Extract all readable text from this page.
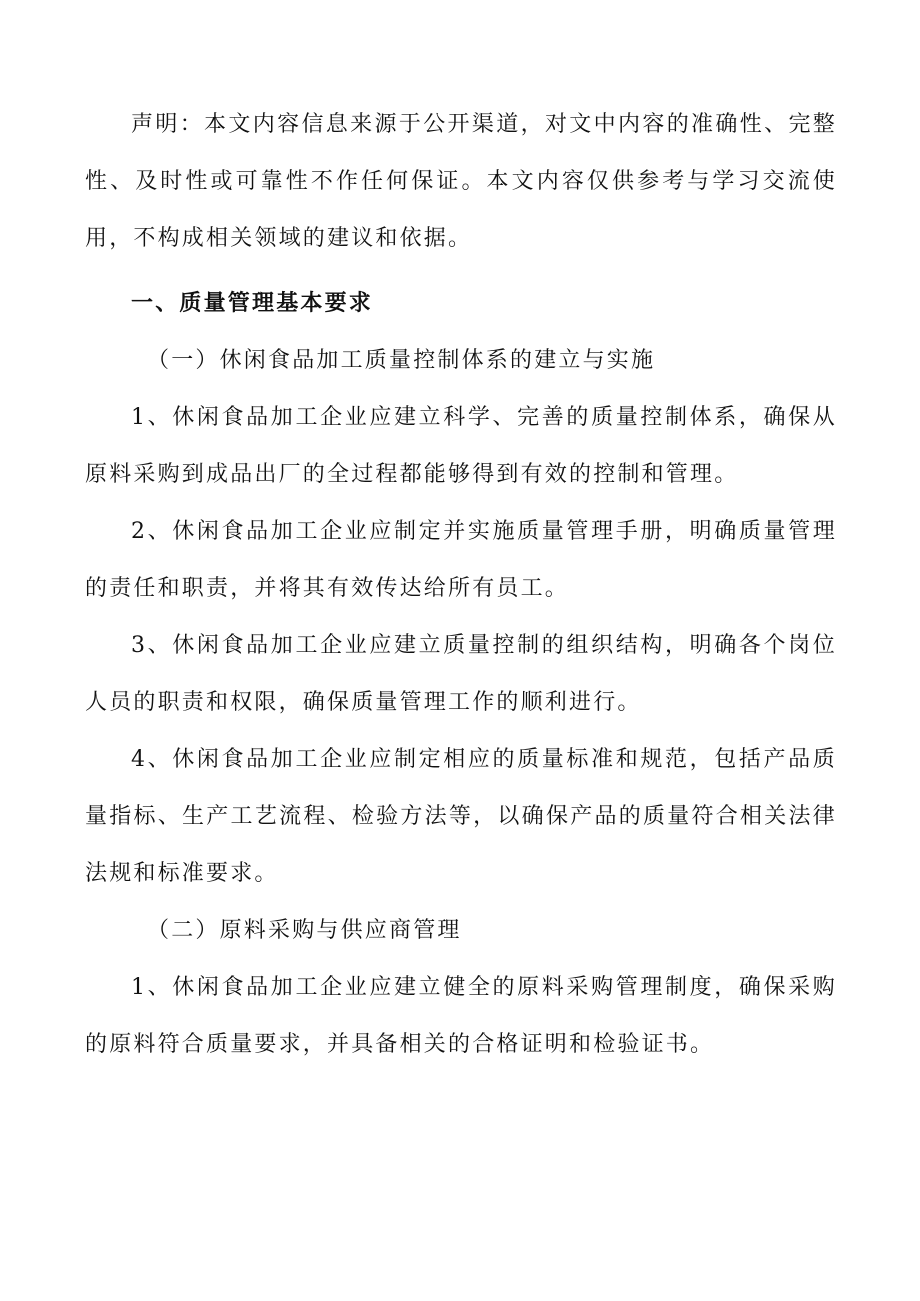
声明：本文内容信息来源于公开渠道，对文中内容的准确性、完整性、及时性或可靠性不作任何保证。本文内容仅供参考与学习交流使用，不构成相关领域的建议和依据。

一、质量管理基本要求

（一）休闲食品加工质量控制体系的建立与实施

1、休闲食品加工企业应建立科学、完善的质量控制体系，确保从原料采购到成品出厂的全过程都能够得到有效的控制和管理。

2、休闲食品加工企业应制定并实施质量管理手册，明确质量管理的责任和职责，并将其有效传达给所有员工。

3、休闲食品加工企业应建立质量控制的组织结构，明确各个岗位人员的职责和权限，确保质量管理工作的顺利进行。

4、休闲食品加工企业应制定相应的质量标准和规范，包括产品质量指标、生产工艺流程、检验方法等，以确保产品的质量符合相关法律法规和标准要求。

（二）原料采购与供应商管理

1、休闲食品加工企业应建立健全的原料采购管理制度，确保采购的原料符合质量要求，并具备相关的合格证明和检验证书。
